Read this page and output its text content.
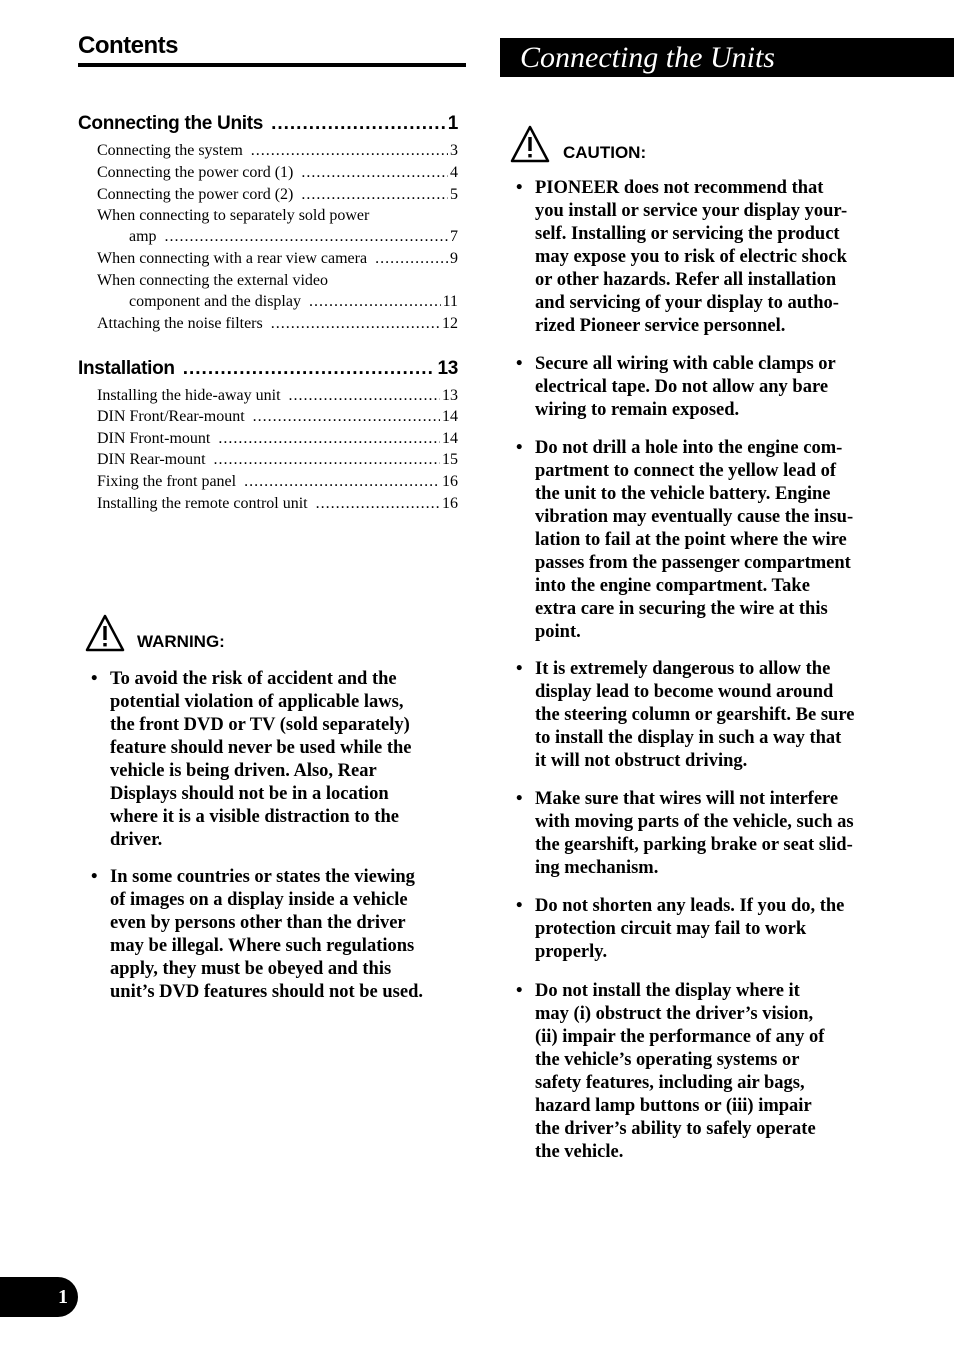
Contents
Connecting the Units .....	1
Connecting the system .....	3
Connecting the power cord (1) .....	4
Connecting the power cord (2) .....	5
When connecting to separately sold power
amp .....	7
When connecting with a rear view camera .....	9
When connecting the external video
component and the display .....	11
Attaching the noise filters .....	12
Installation .....	13
Installing the hide-away unit .....	13
DIN Front/Rear-mount .....	14
DIN Front-mount .....	14
DIN Rear-mount .....	15
Fixing the front panel .....	16
Installing the remote control unit .....	16
WARNING:
• To avoid the risk of accident and the
potential violation of applicable laws,
the front DVD or TV (sold separately)
feature should never be used while the
vehicle is being driven. Also, Rear
Displays should not be in a location
where it is a visible distraction to the
driver.
• In some countries or states the viewing
of images on a display inside a vehicle
even by persons other than the driver
may be illegal. Where such regulations
apply, they must be obeyed and this
unit’s DVD features should not be used.
Connecting the Units
CAUTION:
• PIONEER does not recommend that
you install or service your display your-
self. Installing or servicing the product
may expose you to risk of electric shock
or other hazards. Refer all installation
and servicing of your display to autho-
rized Pioneer service personnel.
• Secure all wiring with cable clamps or
electrical tape. Do not allow any bare
wiring to remain exposed.
• Do not drill a hole into the engine com-
partment to connect the yellow lead of
the unit to the vehicle battery. Engine
vibration may eventually cause the insu-
lation to fail at the point where the wire
passes from the passenger compartment
into the engine compartment. Take
extra care in securing the wire at this
point.
• It is extremely dangerous to allow the
display lead to become wound around
the steering column or gearshift. Be sure
to install the display in such a way that
it will not obstruct driving.
• Make sure that wires will not interfere
with moving parts of the vehicle, such as
the gearshift, parking brake or seat slid-
ing mechanism.
• Do not shorten any leads. If you do, the
protection circuit may fail to work
properly.
• Do not install the display where it
may (i) obstruct the driver’s vision,
(ii) impair the performance of any of
the vehicle’s operating systems or
safety features, including air bags,
hazard lamp buttons or (iii) impair
the driver’s ability to safely operate
the vehicle.
1
